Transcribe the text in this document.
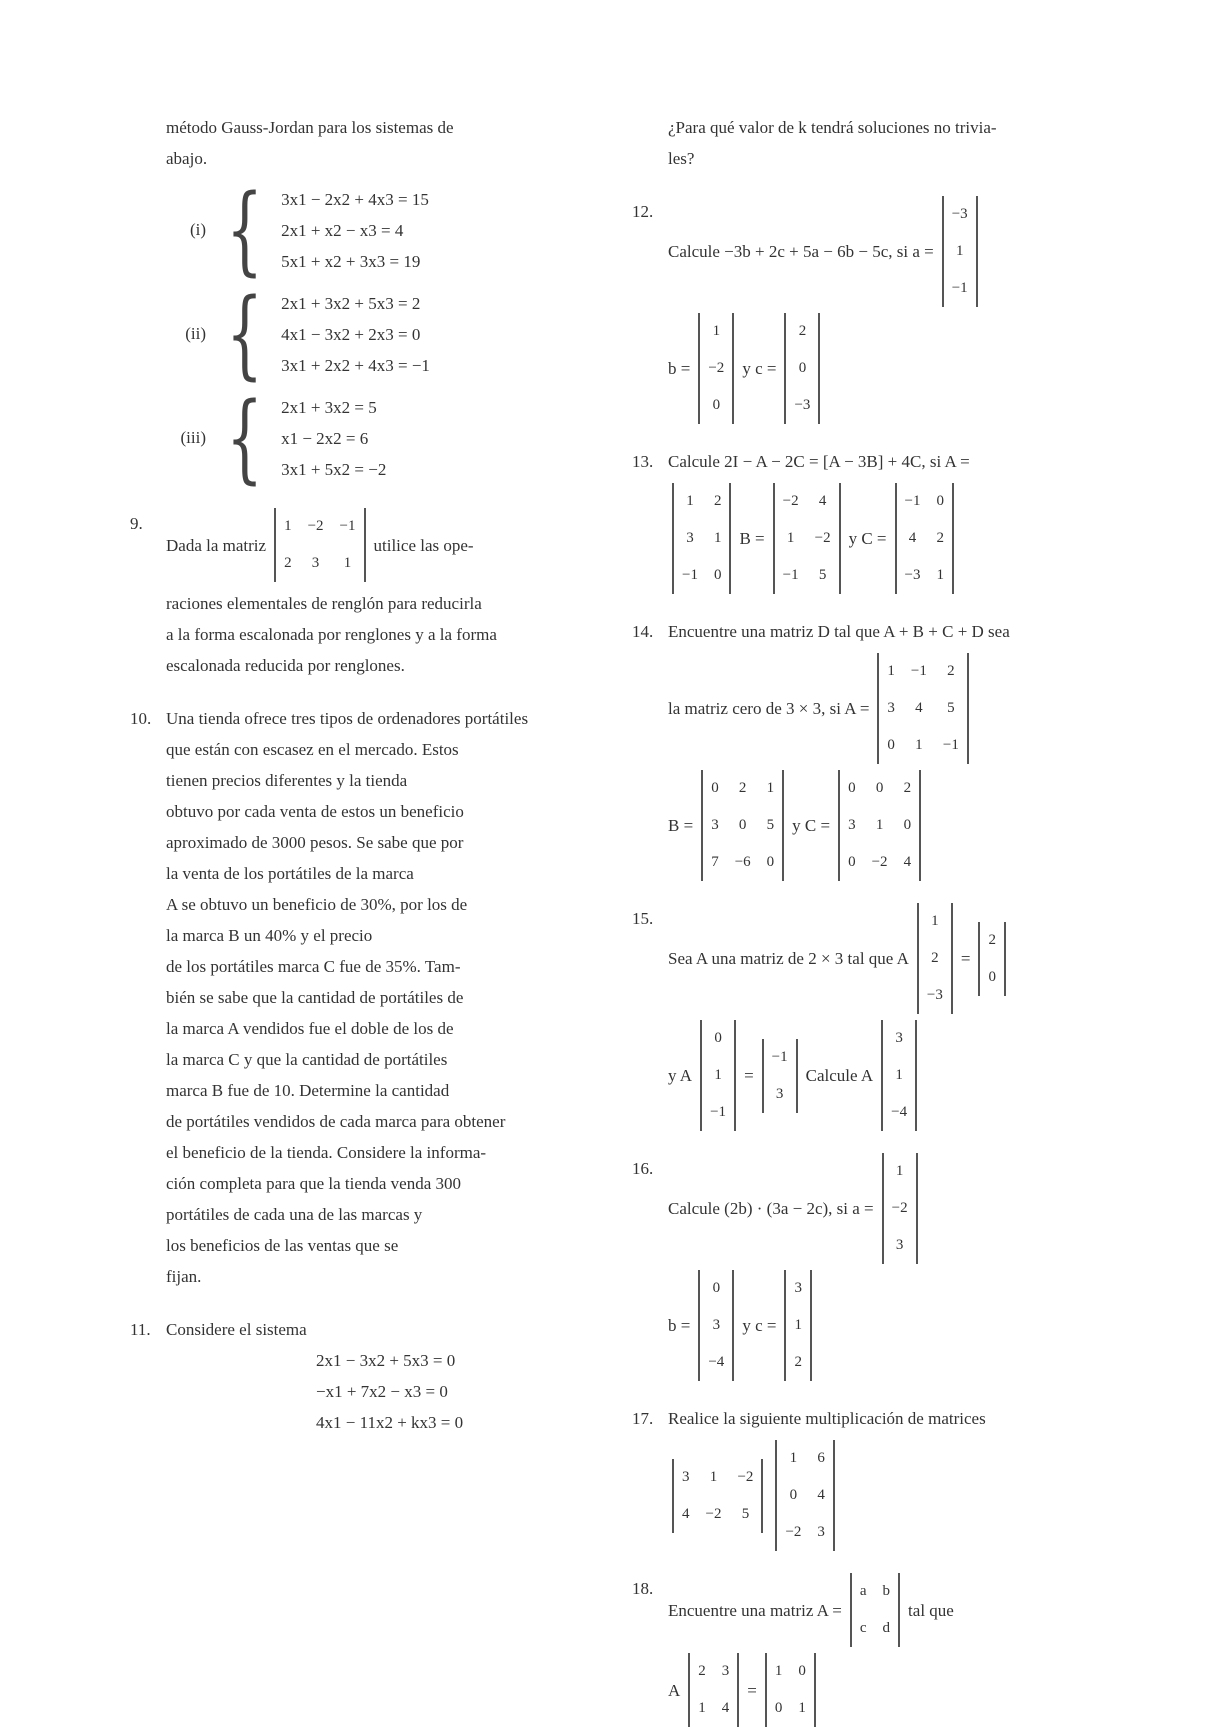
método Gauss-Jordan para los sistemas de
abajo.
(i) { 3x1 − 2x2 + 4x3 = 15
2x1 + x2 − x3 = 4
5x1 + x2 + 3x3 = 19
(ii) { 2x1 + 3x2 + 5x3 = 2
4x1 − 3x2 + 2x3 = 0
3x1 + 2x2 + 4x3 = −1
(iii) { 2x1 + 3x2 = 5
x1 − 2x2 = 6
3x1 + 5x2 = −2
9.
Dada la matriz
1	−2	−1
2	3	1
utilice las ope-
raciones elementales de renglón para reducirla
a la forma escalonada por renglones y a la forma
escalonada reducida por renglones.
10. Una tienda ofrece tres tipos de ordenadores portátiles
que están con escasez en el mercado. Estos
tienen precios diferentes y la tienda
obtuvo por cada venta de estos un beneficio
aproximado de 3000 pesos. Se sabe que por
la venta de los portátiles de la marca
A se obtuvo un beneficio de 30%, por los de
la marca B un 40% y el precio
de los portátiles marca C fue de 35%. Tam-
bién se sabe que la cantidad de portátiles de
la marca A vendidos fue el doble de los de
la marca C y que la cantidad de portátiles
marca B fue de 10. Determine la cantidad
de portátiles vendidos de cada marca para obtener
el beneficio de la tienda. Considere la informa-
ción completa para que la tienda venda 300
portátiles de cada una de las marcas y
los beneficios de las ventas que se
fijan.
11. Considere el sistema
2x1 − 3x2 + 5x3 = 0
−x1 + 7x2 − x3 = 0
4x1 − 11x2 + kx3 = 0
¿Para qué valor de k tendrá soluciones no trivia-
les?
12.
Calcule −3b + 2c + 5a − 6b − 5c, si a =
−3
1
−1
b =
1
−2
0
y c =
2
0
−3
13. Calcule 2I − A − 2C = [A − 3B] + 4C, si A =
1	2
3	1
−1	0
B =
−2	4
1	−2
−1	5
y C =
−1	0
4	2
−3	1
14. Encuentre una matriz D tal que A + B + C + D sea
la matriz cero de 3 × 3, si A =
1	−1	2
3	4	5
0	1	−1
B =
0	2	1
3	0	5
7	−6	0
y C =
0	0	2
3	1	0
0	−2	4
15.
Sea A una matriz de 2 × 3 tal que A
1
2
−3
=
2
0
y A
0
1
−1
=
−1
3
Calcule A
3
1
−4
16.
Calcule (2b) · (3a − 2c), si a =
1
−2
3
b =
0
3
−4
y c =
3
1
2
17. Realice la siguiente multiplicación de matrices
3	1	−2
4	−2	5
1	6
0	4
−2	3
18.
Encuentre una matriz A =
a	b
c	d
tal que
A
2	3
1	4
=
1	0
0	1
